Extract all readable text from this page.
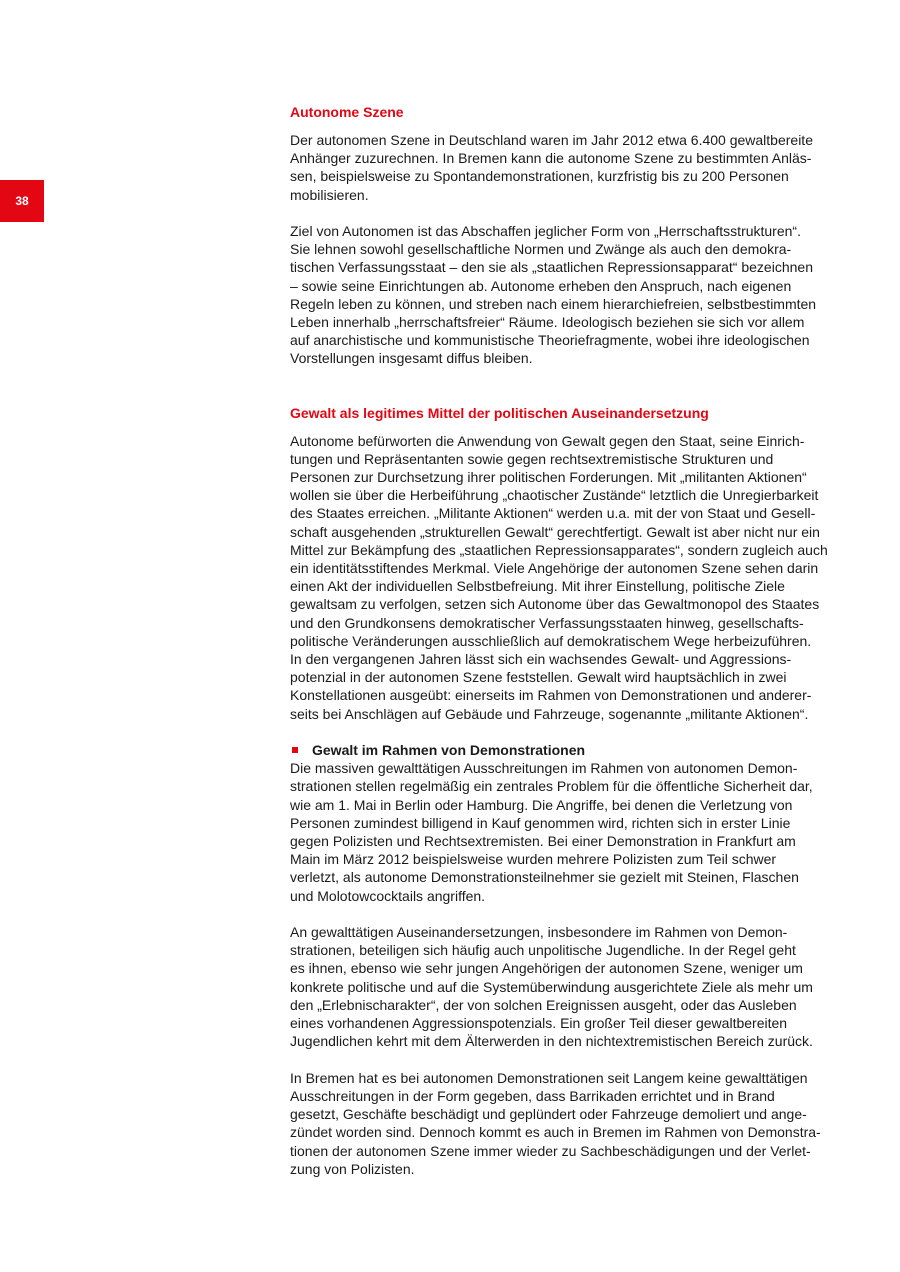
38
Autonome Szene
Der autonomen Szene in Deutschland waren im Jahr 2012 etwa 6.400 gewaltbereite
Anhänger zuzurechnen. In Bremen kann die autonome Szene zu bestimmten Anläs-
sen, beispielsweise zu Spontandemonstrationen, kurzfristig bis zu 200 Personen
mobilisieren.
Ziel von Autonomen ist das Abschaffen jeglicher Form von „Herrschaftsstrukturen“.
Sie lehnen sowohl gesellschaftliche Normen und Zwänge als auch den demokra-
tischen Verfassungsstaat – den sie als „staatlichen Repressionsapparat“ bezeichnen
– sowie seine Einrichtungen ab. Autonome erheben den Anspruch, nach eigenen
Regeln leben zu können, und streben nach einem hierarchiefreien, selbstbestimmten
Leben innerhalb „herrschaftsfreier“ Räume. Ideologisch beziehen sie sich vor allem
auf anarchistische und kommunistische Theoriefragmente, wobei ihre ideologischen
Vorstellungen insgesamt diffus bleiben.
Gewalt als legitimes Mittel der politischen Auseinandersetzung
Autonome befürworten die Anwendung von Gewalt gegen den Staat, seine Einrich-
tungen und Repräsentanten sowie gegen rechtsextremistische Strukturen und
Personen zur Durchsetzung ihrer politischen Forderungen. Mit „militanten Aktionen“
wollen sie über die Herbeiführung „chaotischer Zustände“ letztlich die Unregierbarkeit
des Staates erreichen. „Militante Aktionen“ werden u.a. mit der von Staat und Gesell-
schaft ausgehenden „strukturellen Gewalt“ gerechtfertigt. Gewalt ist aber nicht nur ein
Mittel zur Bekämpfung des „staatlichen Repressionsapparates“, sondern zugleich auch
ein identitätsstiftendes Merkmal. Viele Angehörige der autonomen Szene sehen darin
einen Akt der individuellen Selbstbefreiung. Mit ihrer Einstellung, politische Ziele
gewaltsam zu verfolgen, setzen sich Autonome über das Gewaltmonopol des Staates
und den Grundkonsens demokratischer Verfassungsstaaten hinweg, gesellschafts-
politische Veränderungen ausschließlich auf demokratischem Wege herbeizuführen.
In den vergangenen Jahren lässt sich ein wachsendes Gewalt- und Aggressions-
potenzial in der autonomen Szene feststellen. Gewalt wird hauptsächlich in zwei
Konstellationen ausgeübt: einerseits im Rahmen von Demonstrationen und anderer-
seits bei Anschlägen auf Gebäude und Fahrzeuge, sogenannte „militante Aktionen“.
Gewalt im Rahmen von Demonstrationen
Die massiven gewalttätigen Ausschreitungen im Rahmen von autonomen Demon-
strationen stellen regelmäßig ein zentrales Problem für die öffentliche Sicherheit dar,
wie am 1. Mai in Berlin oder Hamburg. Die Angriffe, bei denen die Verletzung von
Personen zumindest billigend in Kauf genommen wird, richten sich in erster Linie
gegen Polizisten und Rechtsextremisten. Bei einer Demonstration in Frankfurt am
Main im März 2012 beispielsweise wurden mehrere Polizisten zum Teil schwer
verletzt, als autonome Demonstrationsteilnehmer sie gezielt mit Steinen, Flaschen
und Molotowcocktails angriffen.
An gewalttätigen Auseinandersetzungen, insbesondere im Rahmen von Demon-
strationen, beteiligen sich häufig auch unpolitische Jugendliche. In der Regel geht
es ihnen, ebenso wie sehr jungen Angehörigen der autonomen Szene, weniger um
konkrete politische und auf die Systemüberwindung ausgerichtete Ziele als mehr um
den „Erlebnischarakter“, der von solchen Ereignissen ausgeht, oder das Ausleben
eines vorhandenen Aggressionspotenzials. Ein großer Teil dieser gewaltbereiten
Jugendlichen kehrt mit dem Älterwerden in den nichtextremistischen Bereich zurück.
In Bremen hat es bei autonomen Demonstrationen seit Langem keine gewalttätigen
Ausschreitungen in der Form gegeben, dass Barrikaden errichtet und in Brand
gesetzt, Geschäfte beschädigt und geplündert oder Fahrzeuge demoliert und ange-
zündet worden sind. Dennoch kommt es auch in Bremen im Rahmen von Demonstra-
tionen der autonomen Szene immer wieder zu Sachbeschädigungen und der Verlet-
zung von Polizisten.
